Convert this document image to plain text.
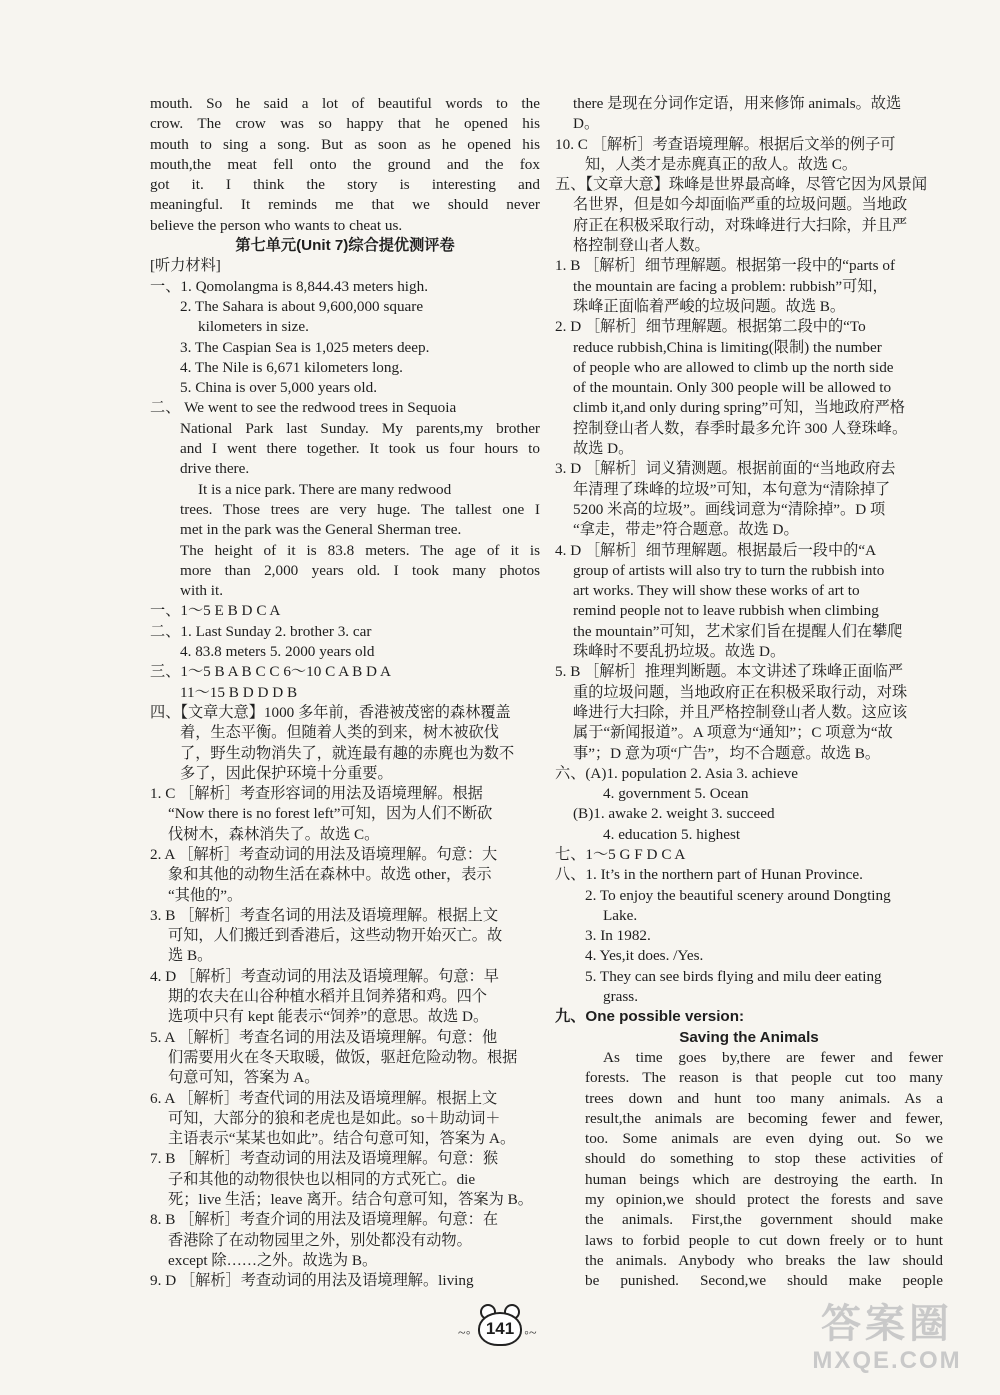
mouth. So he said a lot of beautiful words to the
crow. The crow was so happy that he opened his
mouth to sing a song. But as soon as he opened his
mouth,the meat fell onto the ground and the fox
got it. I think the story is interesting and
meaningful. It reminds me that we should never
believe the person who wants to cheat us.
第七单元(Unit 7)综合提优测评卷
[听力材料]
一、1. Qomolangma is 8,844.43 meters high.
2. The Sahara is about 9,600,000 square
kilometers in size.
3. The Caspian Sea is 1,025 meters deep.
4. The Nile is 6,671 kilometers long.
5. China is over 5,000 years old.
二、 We went to see the redwood trees in Sequoia
National Park last Sunday. My parents,my brother
and I went there together. It took us four hours to
drive there.
It is a nice park. There are many redwood
trees. Those trees are very huge. The tallest one I
met in the park was the General Sherman tree.
The height of it is 83.8 meters. The age of it is
more than 2,000 years old. I took many photos
with it.
一、1～5 E B D C A
二、1. Last Sunday 2. brother 3. car
4. 83.8 meters 5. 2000 years old
三、1～5 B A B C C 6～10 C A B D A
11～15 B D D D B
四、【文章大意】1000 多年前，香港被茂密的森林覆盖
着，生态平衡。但随着人类的到来，树木被砍伐
了，野生动物消失了，就连最有趣的赤麂也为数不
多了，因此保护环境十分重要。
1. C ［解析］考查形容词的用法及语境理解。根据
“Now there is no forest left”可知，因为人们不断砍
伐树木，森林消失了。故选 C。
2. A ［解析］考查动词的用法及语境理解。句意：大
象和其他的动物生活在森林中。故选 other，表示
“其他的”。
3. B ［解析］考查名词的用法及语境理解。根据上文
可知，人们搬迁到香港后，这些动物开始灭亡。故
选 B。
4. D ［解析］考查动词的用法及语境理解。句意：早
期的农夫在山谷种植水稻并且饲养猪和鸡。四个
选项中只有 kept 能表示“饲养”的意思。故选 D。
5. A ［解析］考查名词的用法及语境理解。句意：他
们需要用火在冬天取暖，做饭，驱赶危险动物。根据
句意可知，答案为 A。
6. A ［解析］考查代词的用法及语境理解。根据上文
可知，大部分的狼和老虎也是如此。so＋助动词＋
主语表示“某某也如此”。结合句意可知，答案为 A。
7. B ［解析］考查动词的用法及语境理解。句意：猴
子和其他的动物很快也以相同的方式死亡。die
死；live 生活；leave 离开。结合句意可知，答案为 B。
8. B ［解析］考查介词的用法及语境理解。句意：在
香港除了在动物园里之外，别处都没有动物。
except 除……之外。故选为 B。
9. D ［解析］考查动词的用法及语境理解。living
there 是现在分词作定语，用来修饰 animals。故选
D。
10. C ［解析］考查语境理解。根据后文举的例子可
知，人类才是赤麂真正的敌人。故选 C。
五、【文章大意】珠峰是世界最高峰，尽管它因为风景闻
名世界，但是如今却面临严重的垃圾问题。当地政
府正在积极采取行动，对珠峰进行大扫除，并且严
格控制登山者人数。
1. B ［解析］细节理解题。根据第一段中的“parts of
the mountain are facing a problem: rubbish”可知，
珠峰正面临着严峻的垃圾问题。故选 B。
2. D ［解析］细节理解题。根据第二段中的“To
reduce rubbish,China is limiting(限制) the number
of people who are allowed to climb up the north side
of the mountain. Only 300 people will be allowed to
climb it,and only during spring”可知，当地政府严格
控制登山者人数，春季时最多允许 300 人登珠峰。
故选 D。
3. D ［解析］词义猜测题。根据前面的“当地政府去
年清理了珠峰的垃圾”可知，本句意为“清除掉了
5200 米高的垃圾”。画线词意为“清除掉”。D 项
“拿走，带走”符合题意。故选 D。
4. D ［解析］细节理解题。根据最后一段中的“A
group of artists will also try to turn the rubbish into
art works. They will show these works of art to
remind people not to leave rubbish when climbing
the mountain”可知，艺术家们旨在提醒人们在攀爬
珠峰时不要乱扔垃圾。故选 D。
5. B ［解析］推理判断题。本文讲述了珠峰正面临严
重的垃圾问题，当地政府正在积极采取行动，对珠
峰进行大扫除，并且严格控制登山者人数。这应该
属于“新闻报道”。A 项意为“通知”；C 项意为“故
事”；D 意为项“广告”，均不合题意。故选 B。
六、(A)1. population 2. Asia 3. achieve
4. government 5. Ocean
(B)1. awake 2. weight 3. succeed
4. education 5. highest
七、1～5 G F D C A
八、1. It’s in the northern part of Hunan Province.
2. To enjoy the beautiful scenery around Dongting
Lake.
3. In 1982.
4. Yes,it does. /Yes.
5. They can see birds flying and milu deer eating
grass.
九、One possible version:
Saving the Animals
As time goes by,there are fewer and fewer
forests. The reason is that people cut too many
trees down and hunt too many animals. As a
result,the animals are becoming fewer and fewer,
too. Some animals are even dying out. So we
should do something to stop these activities of
human beings which are destroying the earth. In
my opinion,we should protect the forests and save
the animals. First,the government should make
laws to forbid people to cut down freely or to hunt
the animals. Anybody who breaks the law should
be punished. Second,we should make people
~◦	◦~
141	答案圈
MXQE.COM
